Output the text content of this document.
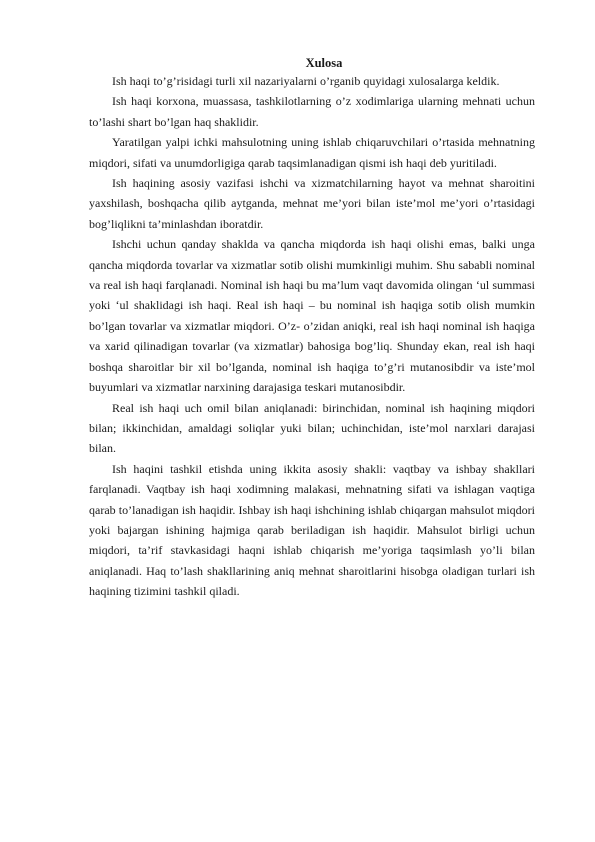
Xulosa

Ish haqi to’g’risidagi turli xil nazariyalarni o’rganib quyidagi xulosalarga keldik.

Ish haqi korxona, muassasa, tashkilotlarning o’z xodimlariga ularning mehnati uchun to’lashi shart bo’lgan haq shaklidir.

Yaratilgan yalpi ichki mahsulotning uning ishlab chiqaruvchilari o’rtasida mehnatning miqdori, sifati va unumdorligiga qarab taqsimlanadigan qismi ish haqi deb yuritiladi.

Ish haqining asosiy vazifasi ishchi va xizmatchilarning hayot va mehnat sharoitini yaxshilash, boshqacha qilib aytganda, mehnat me’yori bilan iste’mol me’yori o’rtasidagi bog’liqlikni ta’minlashdan iboratdir.

Ishchi uchun qanday shaklda va qancha miqdorda ish haqi olishi emas, balki unga qancha miqdorda tovarlar va xizmatlar sotib olishi mumkinligi muhim. Shu sababli nominal va real ish haqi farqlanadi. Nominal ish haqi bu ma’lum vaqt davomida olingan ‘ul summasi yoki ‘ul shaklidagi ish haqi. Real ish haqi – bu nominal ish haqiga sotib olish mumkin bo’lgan tovarlar va xizmatlar miqdori. O’z- o’zidan aniqki, real ish haqi nominal ish haqiga va xarid qilinadigan tovarlar (va xizmatlar) bahosiga bog’liq. Shunday ekan, real ish haqi boshqa sharoitlar bir xil bo’lganda, nominal ish haqiga to’g’ri mutanosibdir va iste’mol buyumlari va xizmatlar narxining darajasiga teskari mutanosibdir.

Real ish haqi uch omil bilan aniqlanadi: birinchidan, nominal ish haqining miqdori bilan; ikkinchidan, amaldagi soliqlar yuki bilan; uchinchidan, iste’mol narxlari darajasi bilan.

Ish haqini tashkil etishda uning ikkita asosiy shakli: vaqtbay va ishbay shakllari farqlanadi. Vaqtbay ish haqi xodimning malakasi, mehnatning sifati va ishlagan vaqtiga qarab to’lanadigan ish haqidir. Ishbay ish haqi ishchining ishlab chiqargan mahsulot miqdori yoki bajargan ishining hajmiga qarab beriladigan ish haqidir. Mahsulot birligi uchun miqdori, ta’rif stavkasidagi haqni ishlab chiqarish me’yoriga taqsimlash yo’li bilan aniqlanadi. Haq to’lash shakllarining aniq mehnat sharoitlarini hisobga oladigan turlari ish haqining tizimini tashkil qiladi.
